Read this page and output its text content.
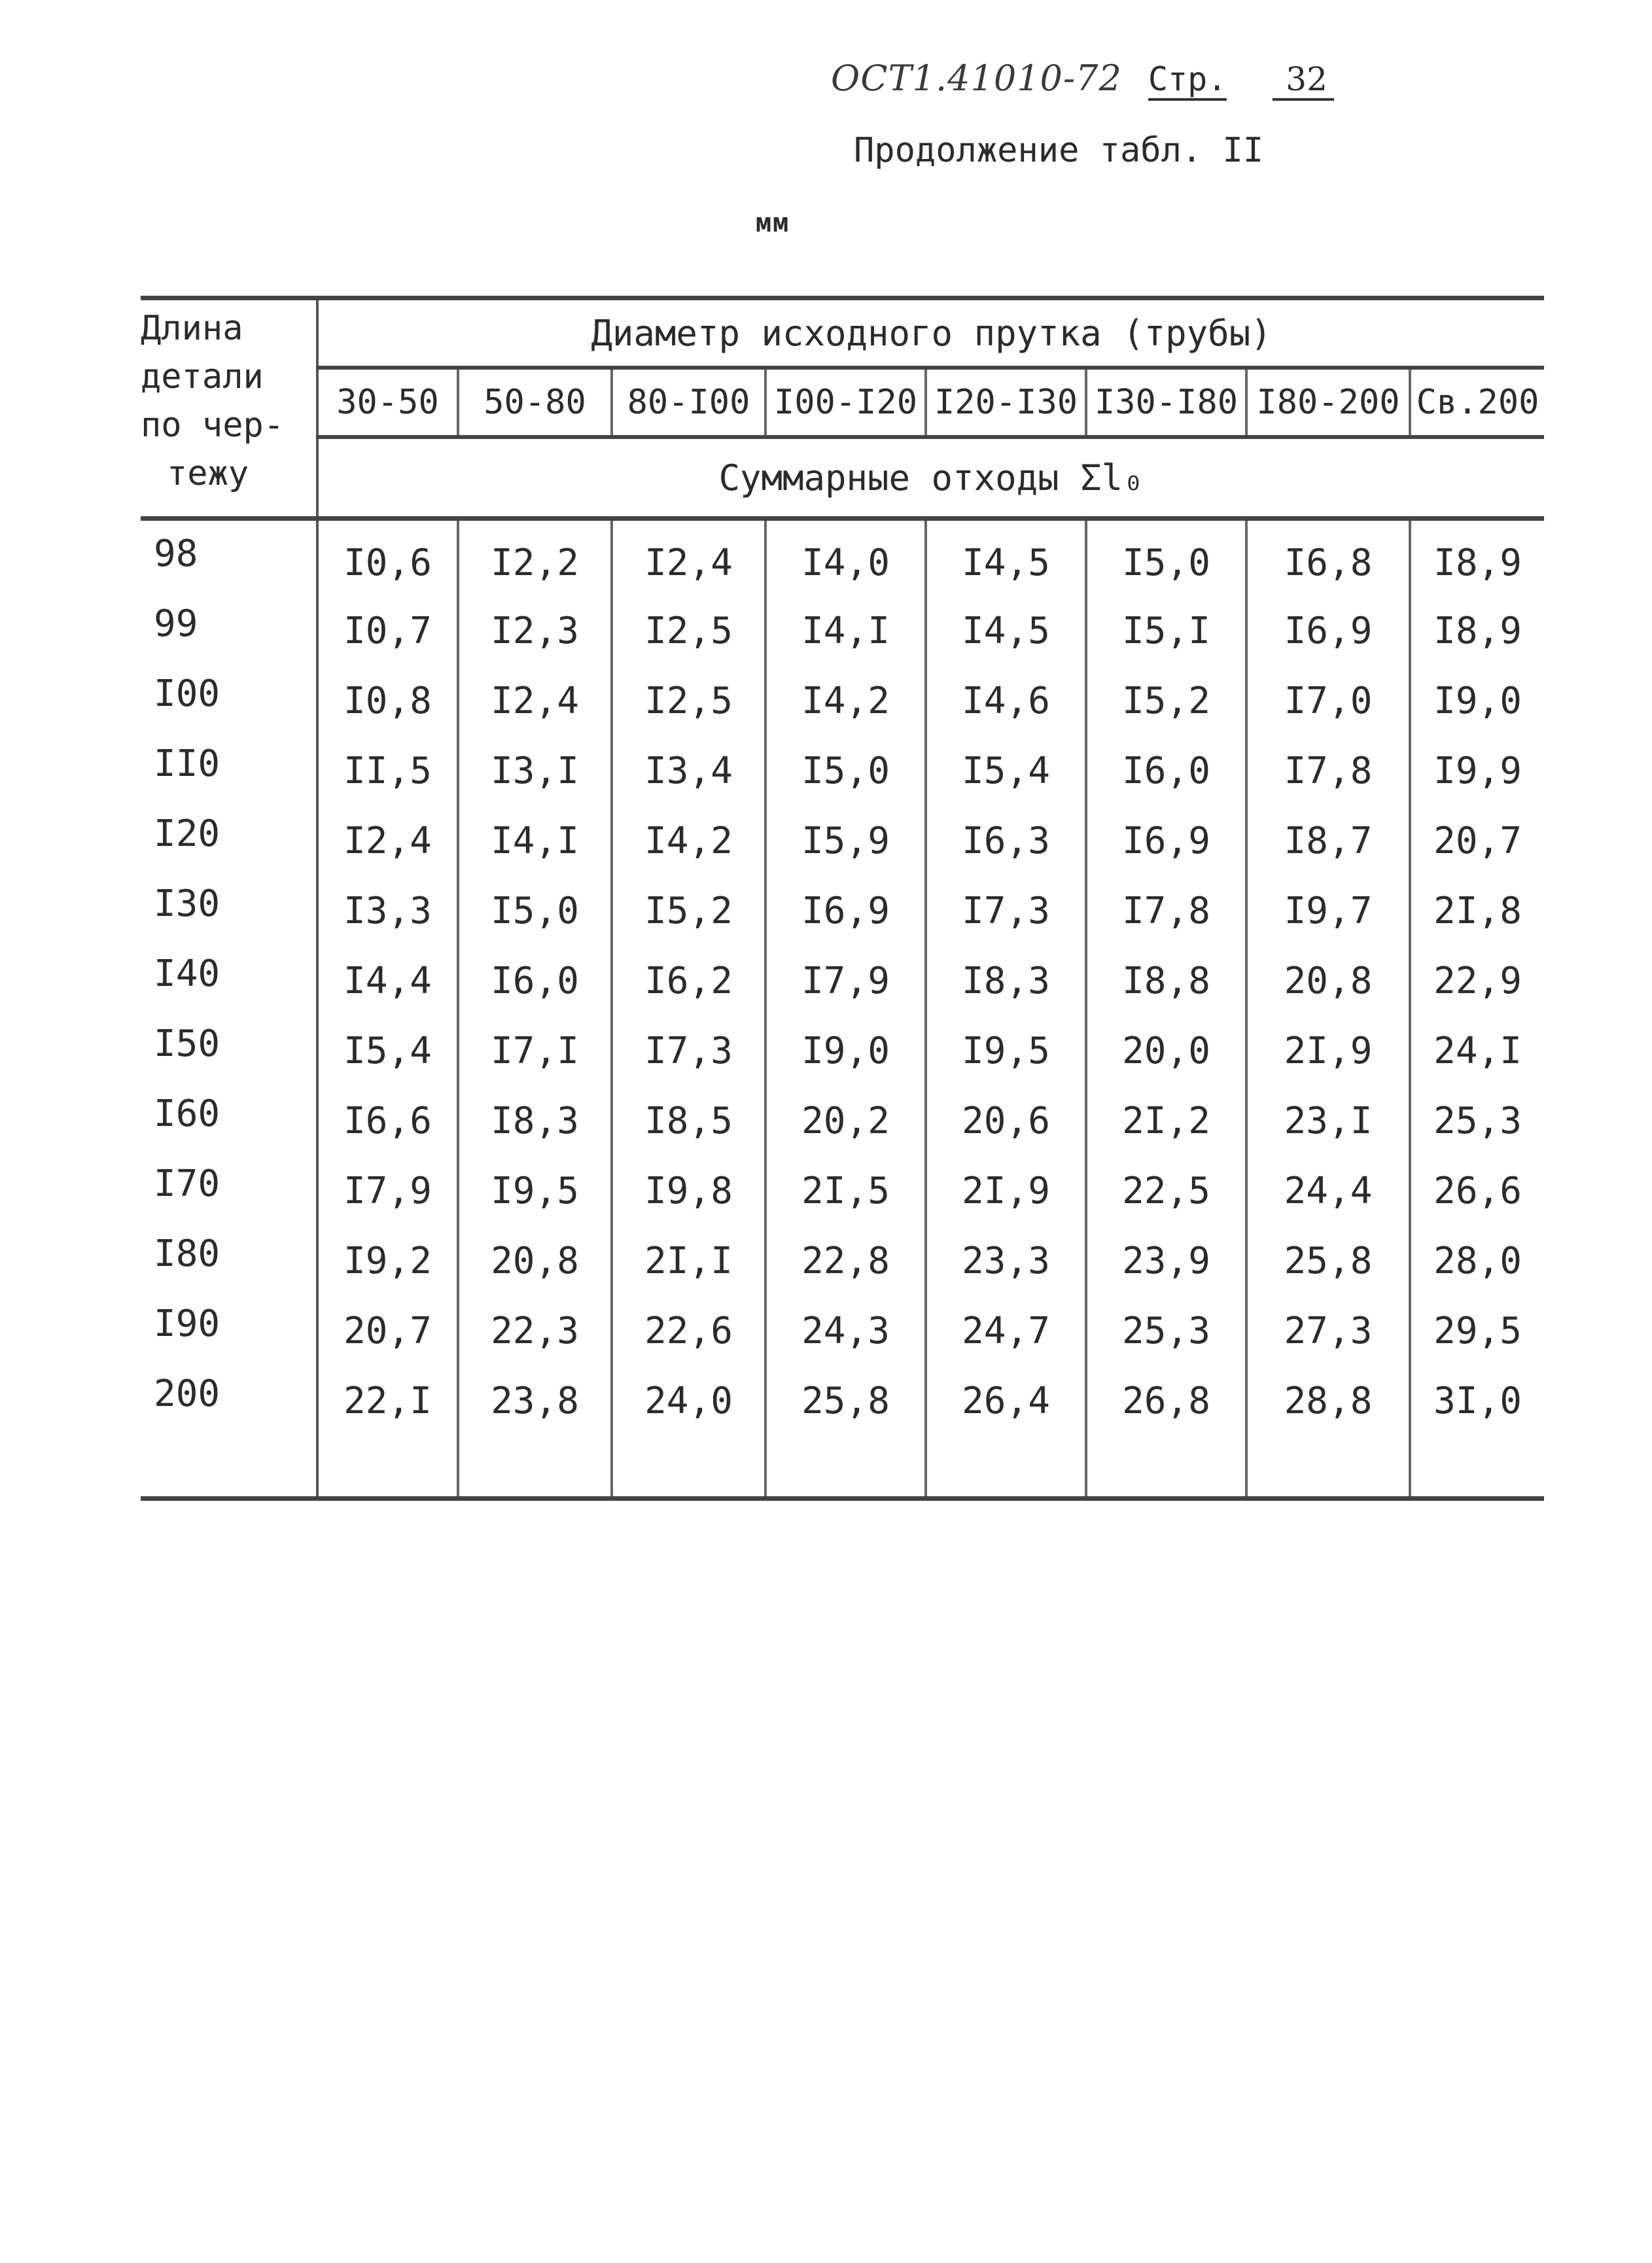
ОСТ1.41010-72 Стр.	32
Продолжение табл. II
мм
Длина
детали
по чер-
тежу	Диаметр исходного прутка (трубы)							
	30-50	50-80	80-I00	I00-I20	I20-I30	I30-I80	I80-200	Св.200
	Суммарные отходы Σl₀							
98	I0,6	I2,2	I2,4	I4,0	I4,5	I5,0	I6,8	I8,9
99	I0,7	I2,3	I2,5	I4,I	I4,5	I5,I	I6,9	I8,9
I00	I0,8	I2,4	I2,5	I4,2	I4,6	I5,2	I7,0	I9,0
II0	II,5	I3,I	I3,4	I5,0	I5,4	I6,0	I7,8	I9,9
I20	I2,4	I4,I	I4,2	I5,9	I6,3	I6,9	I8,7	20,7
I30	I3,3	I5,0	I5,2	I6,9	I7,3	I7,8	I9,7	2I,8
I40	I4,4	I6,0	I6,2	I7,9	I8,3	I8,8	20,8	22,9
I50	I5,4	I7,I	I7,3	I9,0	I9,5	20,0	2I,9	24,I
I60	I6,6	I8,3	I8,5	20,2	20,6	2I,2	23,I	25,3
I70	I7,9	I9,5	I9,8	2I,5	2I,9	22,5	24,4	26,6
I80	I9,2	20,8	2I,I	22,8	23,3	23,9	25,8	28,0
I90	20,7	22,3	22,6	24,3	24,7	25,3	27,3	29,5
200	22,I	23,8	24,0	25,8	26,4	26,8	28,8	3I,0
